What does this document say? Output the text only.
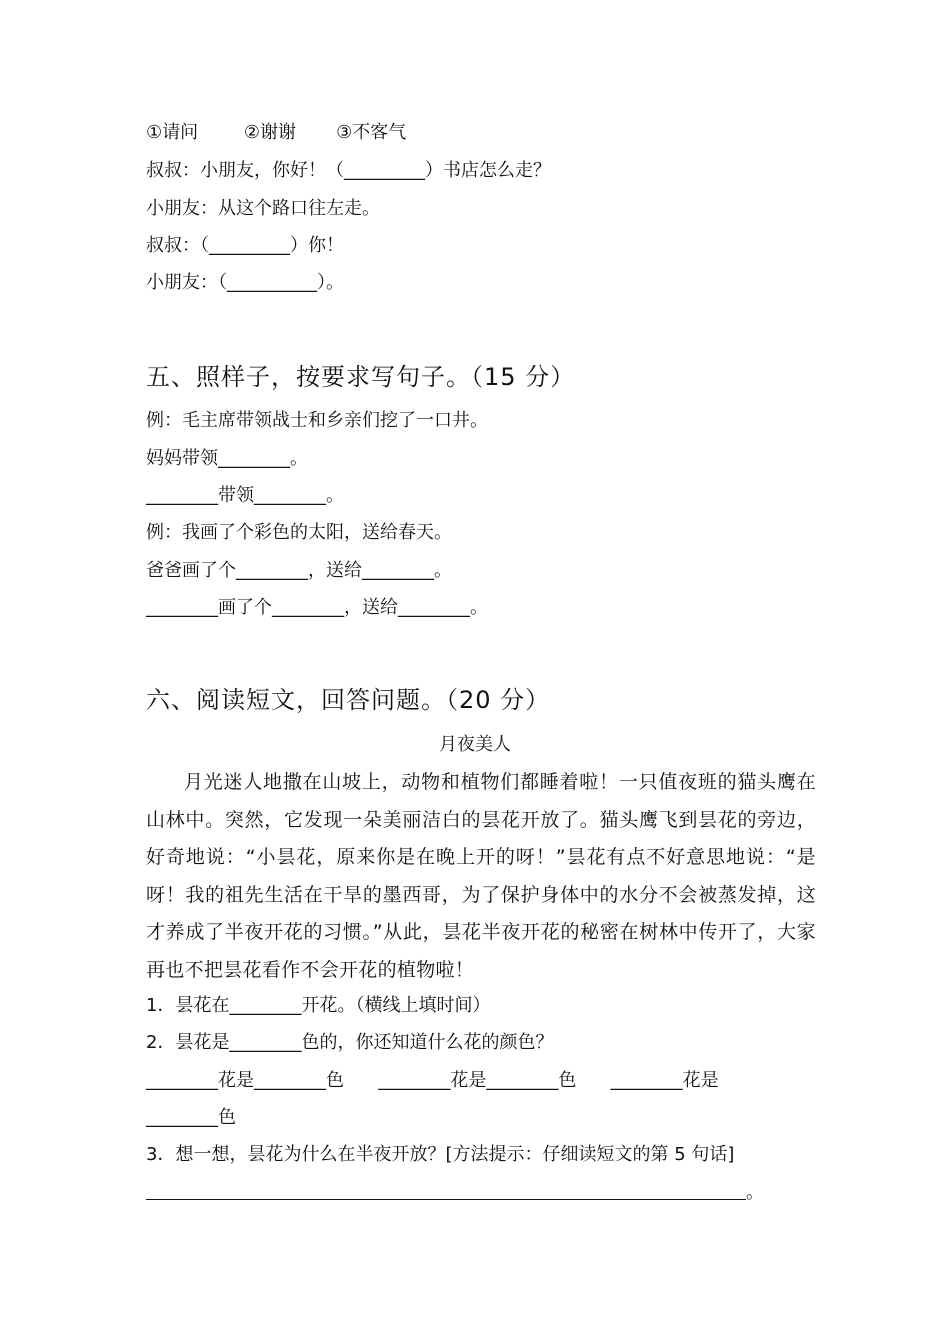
①请问        ②谢谢       ③不客气
叔叔：小朋友，你好！（_________）书店怎么走？
小朋友：从这个路口往左走。
叔叔：（_________）你！
小朋友：（__________）。
五、照样子，按要求写句子。（15 分）
例：毛主席带领战士和乡亲们挖了一口井。
妈妈带领________。
________带领________。
例：我画了个彩色的太阳，送给春天。
爸爸画了个________，送给________。
________画了个________，送给________。
六、阅读短文，回答问题。（20 分）
月夜美人
月光迷人地撒在山坡上，动物和植物们都睡着啦！一只值夜班的猫头鹰在山林中。突然，它发现一朵美丽洁白的昙花开放了。猫头鹰飞到昙花的旁边，好奇地说：“小昙花，原来你是在晚上开的呀！”昙花有点不好意思地说：“是呀！我的祖先生活在干旱的墨西哥，为了保护身体中的水分不会被蒸发掉，这才养成了半夜开花的习惯。”从此，昙花半夜开花的秘密在树林中传开了，大家再也不把昙花看作不会开花的植物啦！
1．昙花在________开花。（横线上填时间）
2．昙花是________色的，你还知道什么花的颜色？
________花是________色      ________花是________色      ________花是
________色
3．想一想，昙花为什么在半夜开放？[方法提示：仔细读短文的第 5 句话]
。
